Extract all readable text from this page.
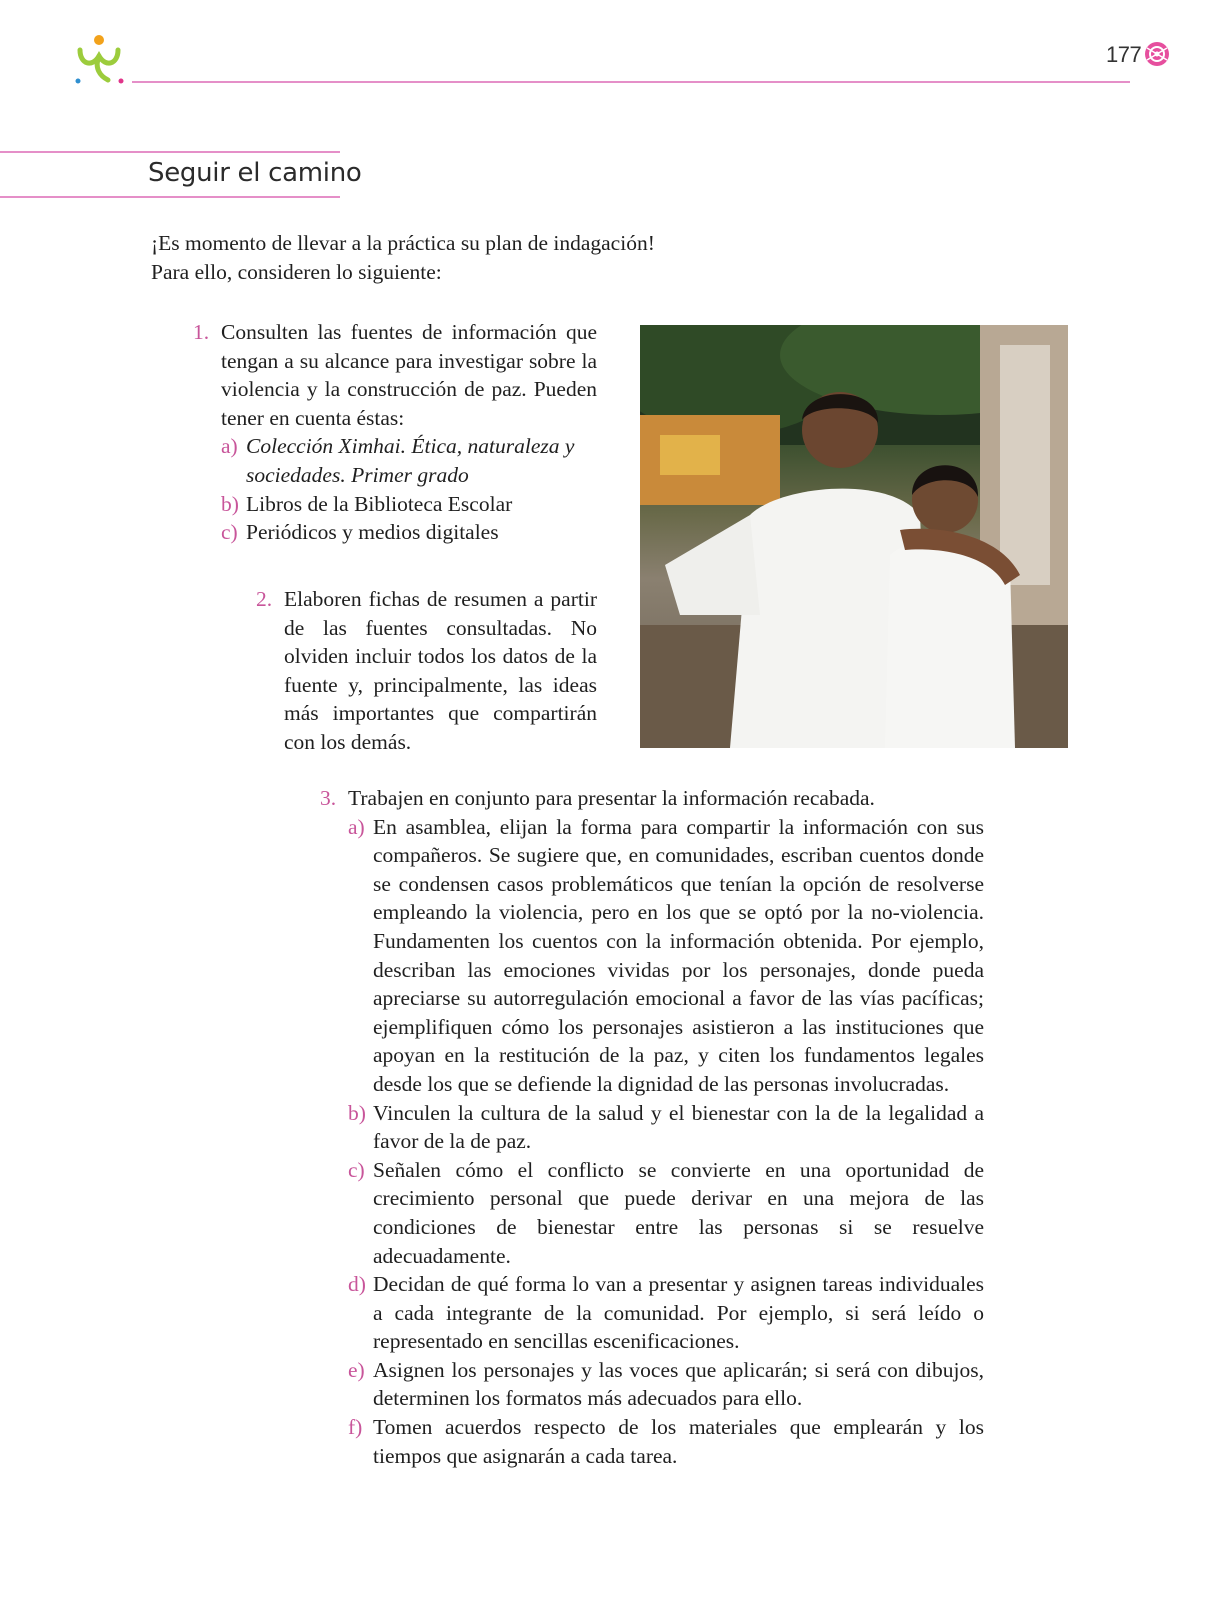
177
Seguir el camino
¡Es momento de llevar a la práctica su plan de indagación!
Para ello, consideren lo siguiente:
1. Consulten las fuentes de información que tengan a su alcance para investigar sobre la violencia y la construcción de paz. Pueden tener en cuenta éstas:
a) Colección Ximhai. Ética, naturaleza y sociedades. Primer grado
b) Libros de la Biblioteca Escolar
c) Periódicos y medios digitales
2. Elaboren fichas de resumen a partir de las fuentes consultadas. No olviden incluir todos los datos de la fuente y, principalmente, las ideas más importantes que compartirán con los demás.
3. Trabajen en conjunto para presentar la información recabada.
a) En asamblea, elijan la forma para compartir la información con sus compañeros. Se sugiere que, en comunidades, escriban cuentos donde se condensen casos problemáticos que tenían la opción de resolverse empleando la violencia, pero en los que se optó por la no-violencia. Fundamenten los cuentos con la información obtenida. Por ejemplo, describan las emociones vividas por los personajes, donde pueda apreciarse su autorregulación emocional a favor de las vías pacíficas; ejemplifiquen cómo los personajes asistieron a las instituciones que apoyan en la restitución de la paz, y citen los fundamentos legales desde los que se defiende la dignidad de las personas involucradas.
b) Vinculen la cultura de la salud y el bienestar con la de la legalidad a favor de la de paz.
c) Señalen cómo el conflicto se convierte en una oportunidad de crecimiento personal que puede derivar en una mejora de las condiciones de bienestar entre las personas si se resuelve adecuadamente.
d) Decidan de qué forma lo van a presentar y asignen tareas individuales a cada integrante de la comunidad. Por ejemplo, si será leído o representado en sencillas escenificaciones.
e) Asignen los personajes y las voces que aplicarán; si será con dibujos, determinen los formatos más adecuados para ello.
f) Tomen acuerdos respecto de los materiales que emplearán y los tiempos que asignarán a cada tarea.
